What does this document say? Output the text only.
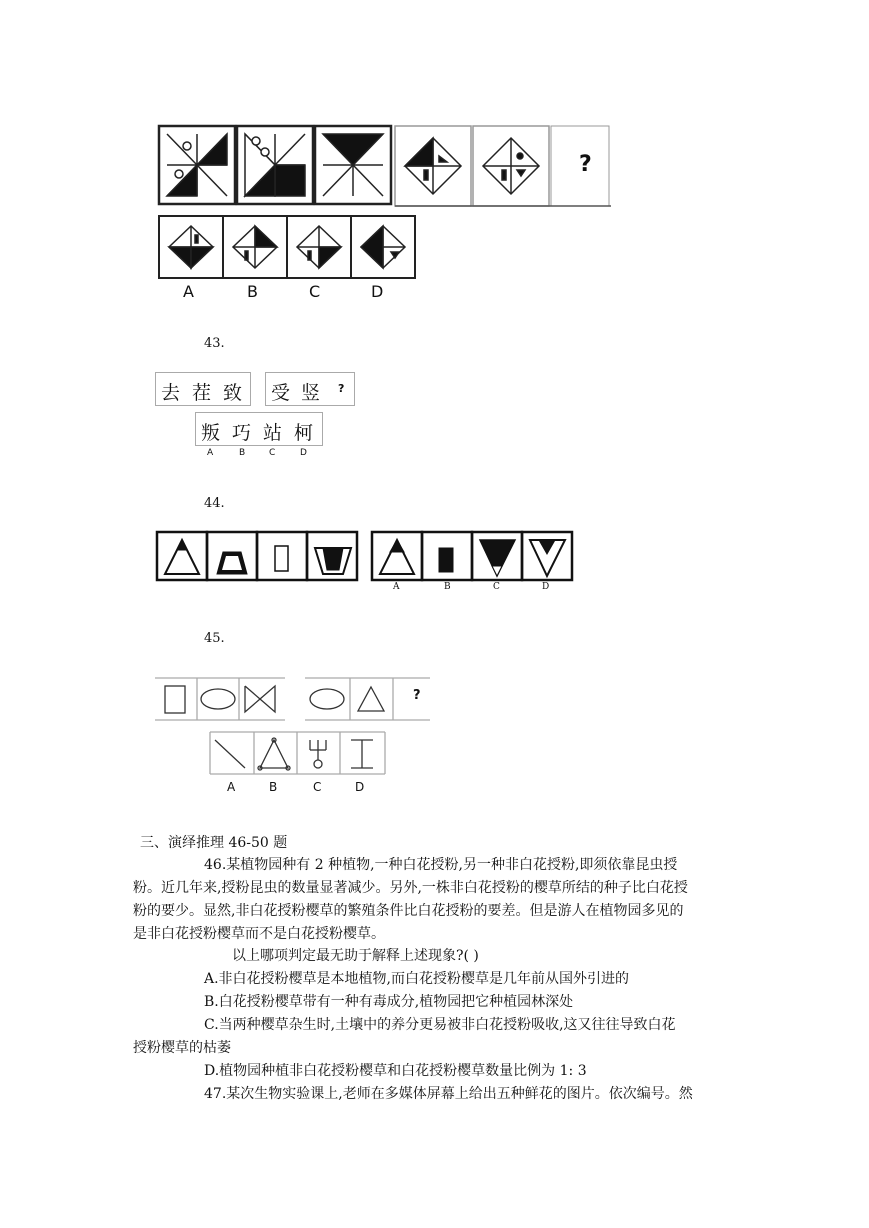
?
A	B	C	D
43.
去 茬 致 受 竖 ?
叛 巧 站 柯
A	B	C	D
44.
A	B	C	D
45.
?
A	B	C	D
三、演绎推理 46-50 题
46.某植物园种有 2 种植物,一种白花授粉,另一种非白花授粉,即须依靠昆虫授
粉。近几年来,授粉昆虫的数量显著减少。另外,一株非白花授粉的樱草所结的种子比白花授
粉的要少。显然,非白花授粉樱草的繁殖条件比白花授粉的要差。但是游人在植物园多见的
是非白花授粉樱草而不是白花授粉樱草。
以上哪项判定最无助于解释上述现象?( )
A.非白花授粉樱草是本地植物,而白花授粉樱草是几年前从国外引进的
B.白花授粉樱草带有一种有毒成分,植物园把它种植园林深处
C.当两种樱草杂生时,土壤中的养分更易被非白花授粉吸收,这又往往导致白花
授粉樱草的枯萎
D.植物园种植非白花授粉樱草和白花授粉樱草数量比例为 1: 3
47.某次生物实验课上,老师在多媒体屏幕上给出五种鲜花的图片。依次编号。然
